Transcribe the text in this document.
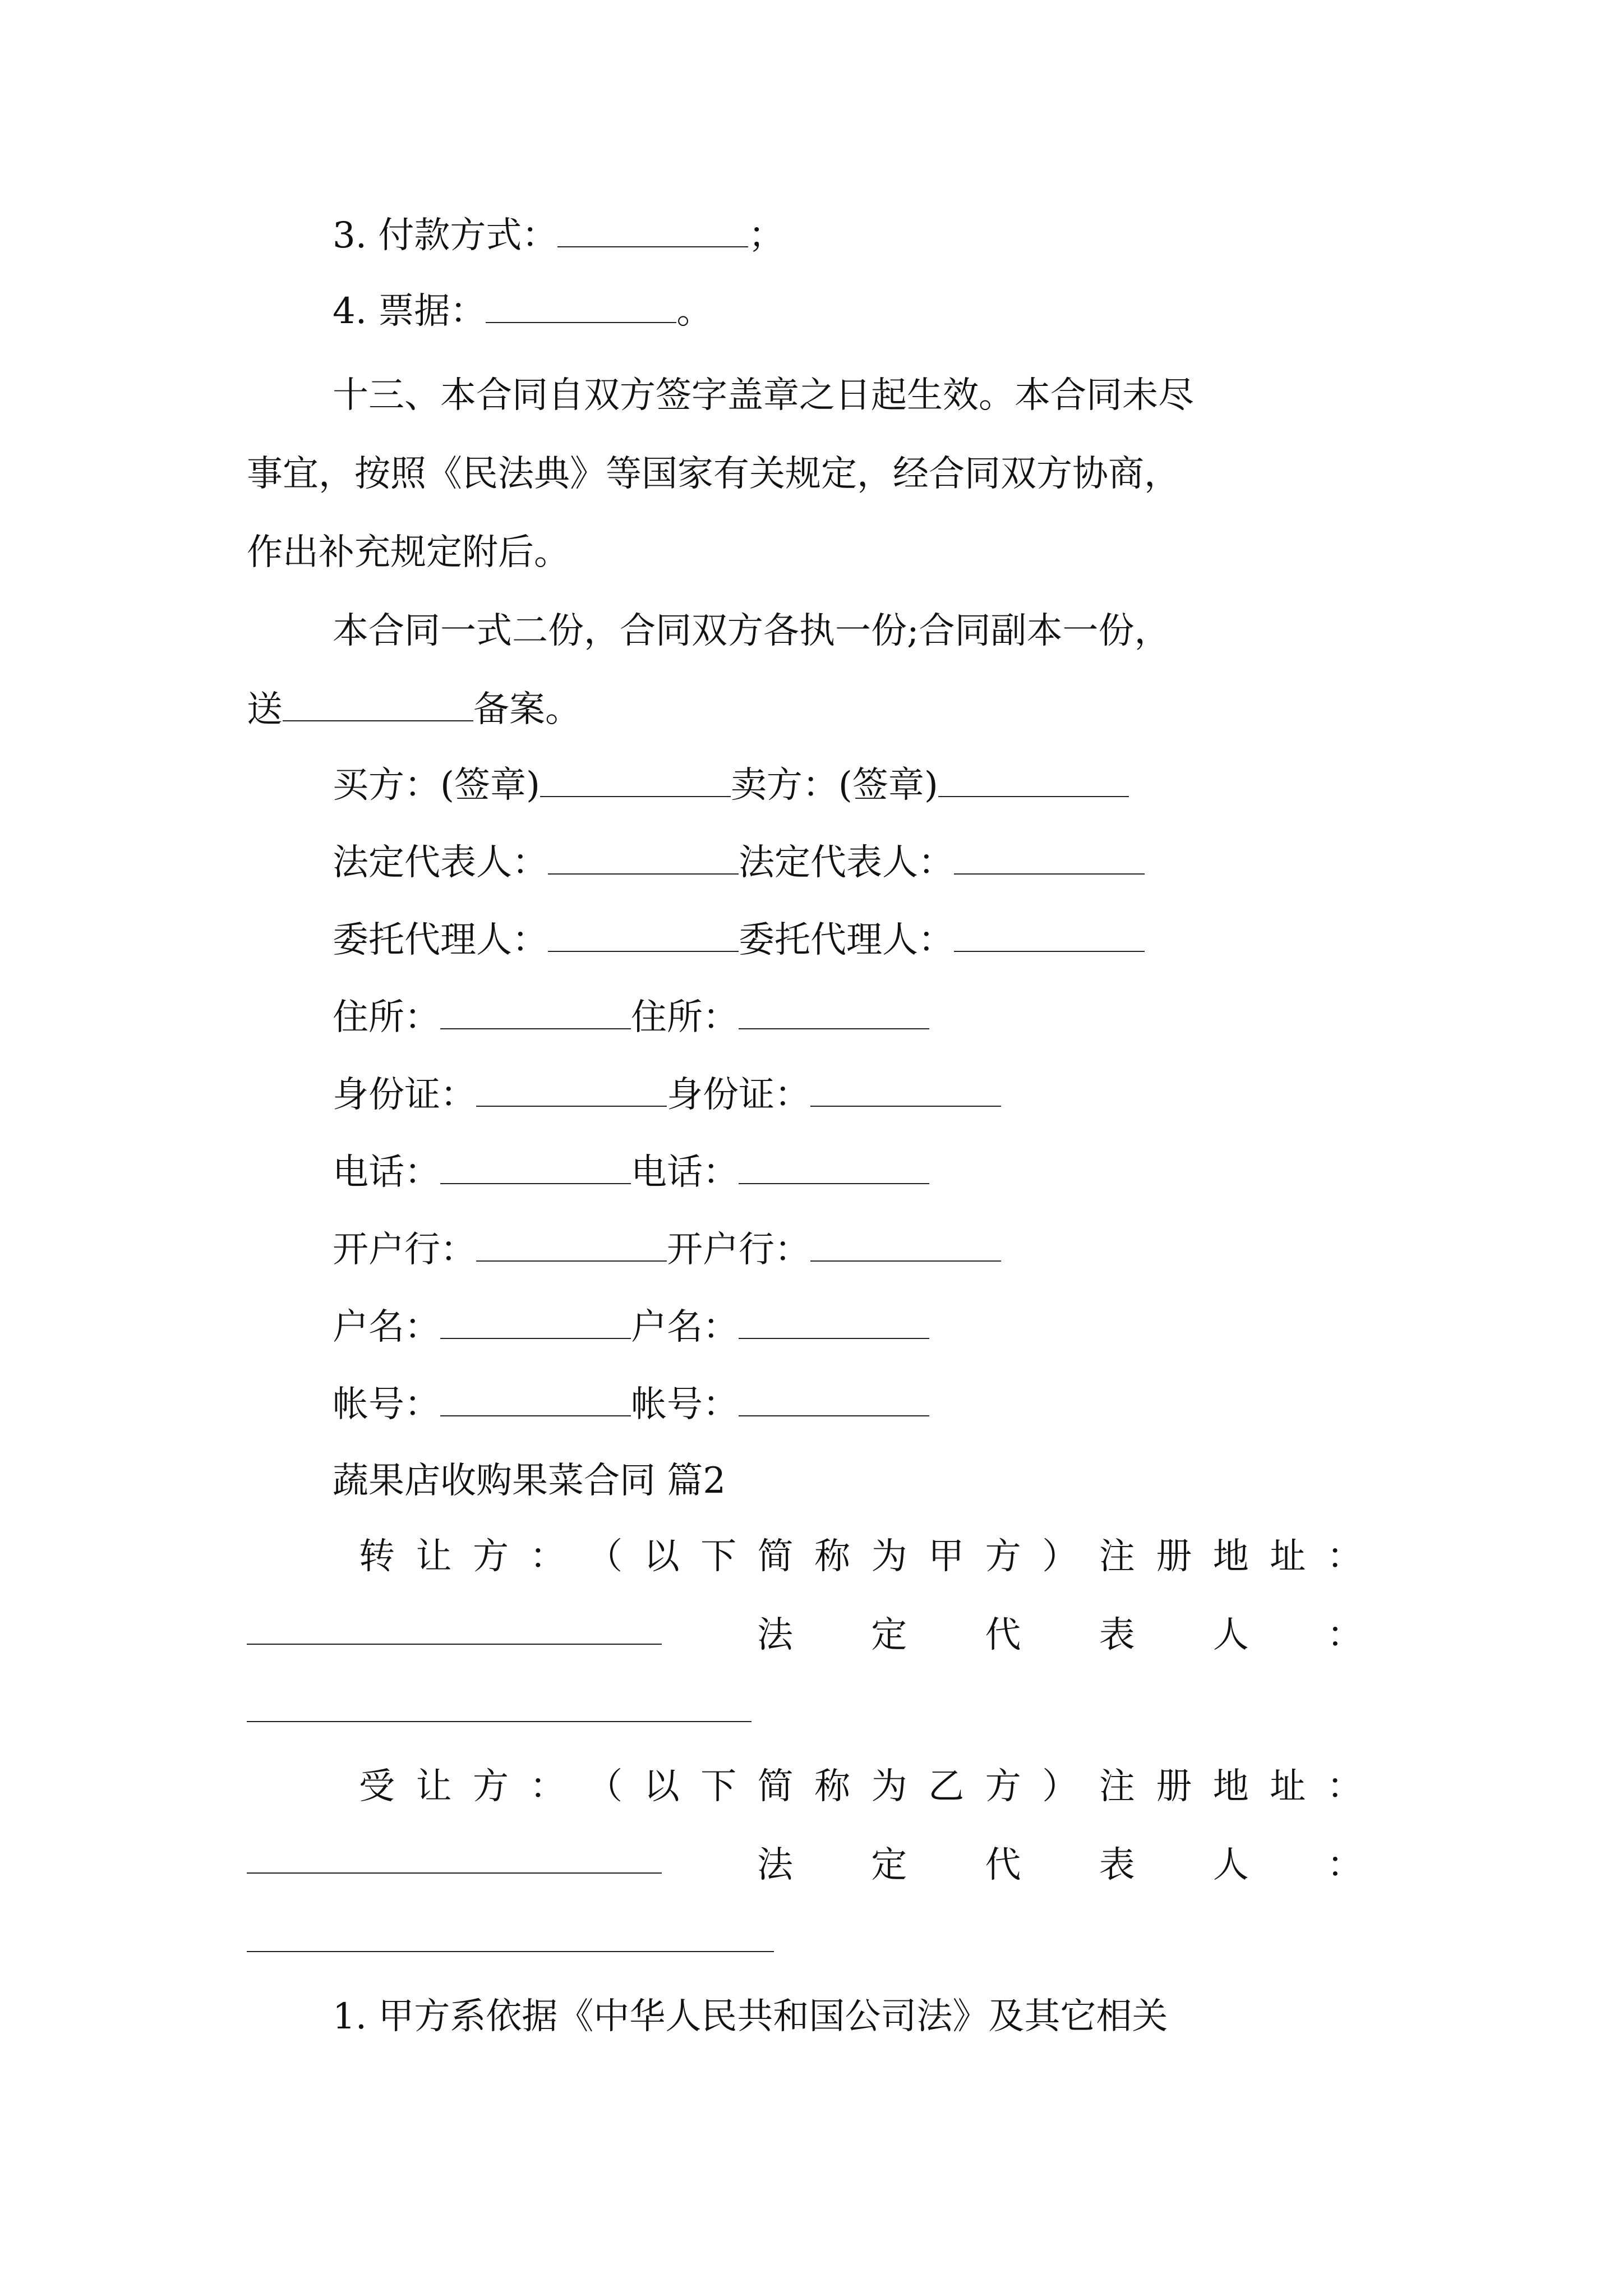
3. 付款方式：	；
4. 票据：	。
十三、本合同自双方签字盖章之日起生效。本合同未尽
事宜，按照《民法典》等国家有关规定，经合同双方协商，
作出补充规定附后。
本合同一式二份，合同双方各执一份;合同副本一份，
送	备案。
买方：(签章)	卖方：(签章)
法定代表人：	法定代表人：
委托代理人：	委托代理人：
住所：	住所：
身份证：	身份证：
电话：	电话：
开户行：	开户行：
户名：	户名：
帐号：	帐号：
蔬果店收购果菜合同 篇2
转 让 方 ： （ 以 下 简 称 为 甲 方 ） 注 册 地 址 ：
法 定 代 表 人 ：
受 让 方 ： （ 以 下 简 称 为 乙 方 ） 注 册 地 址 ：
法 定 代 表 人 ：
1. 甲方系依据《中华人民共和国公司法》及其它相关
